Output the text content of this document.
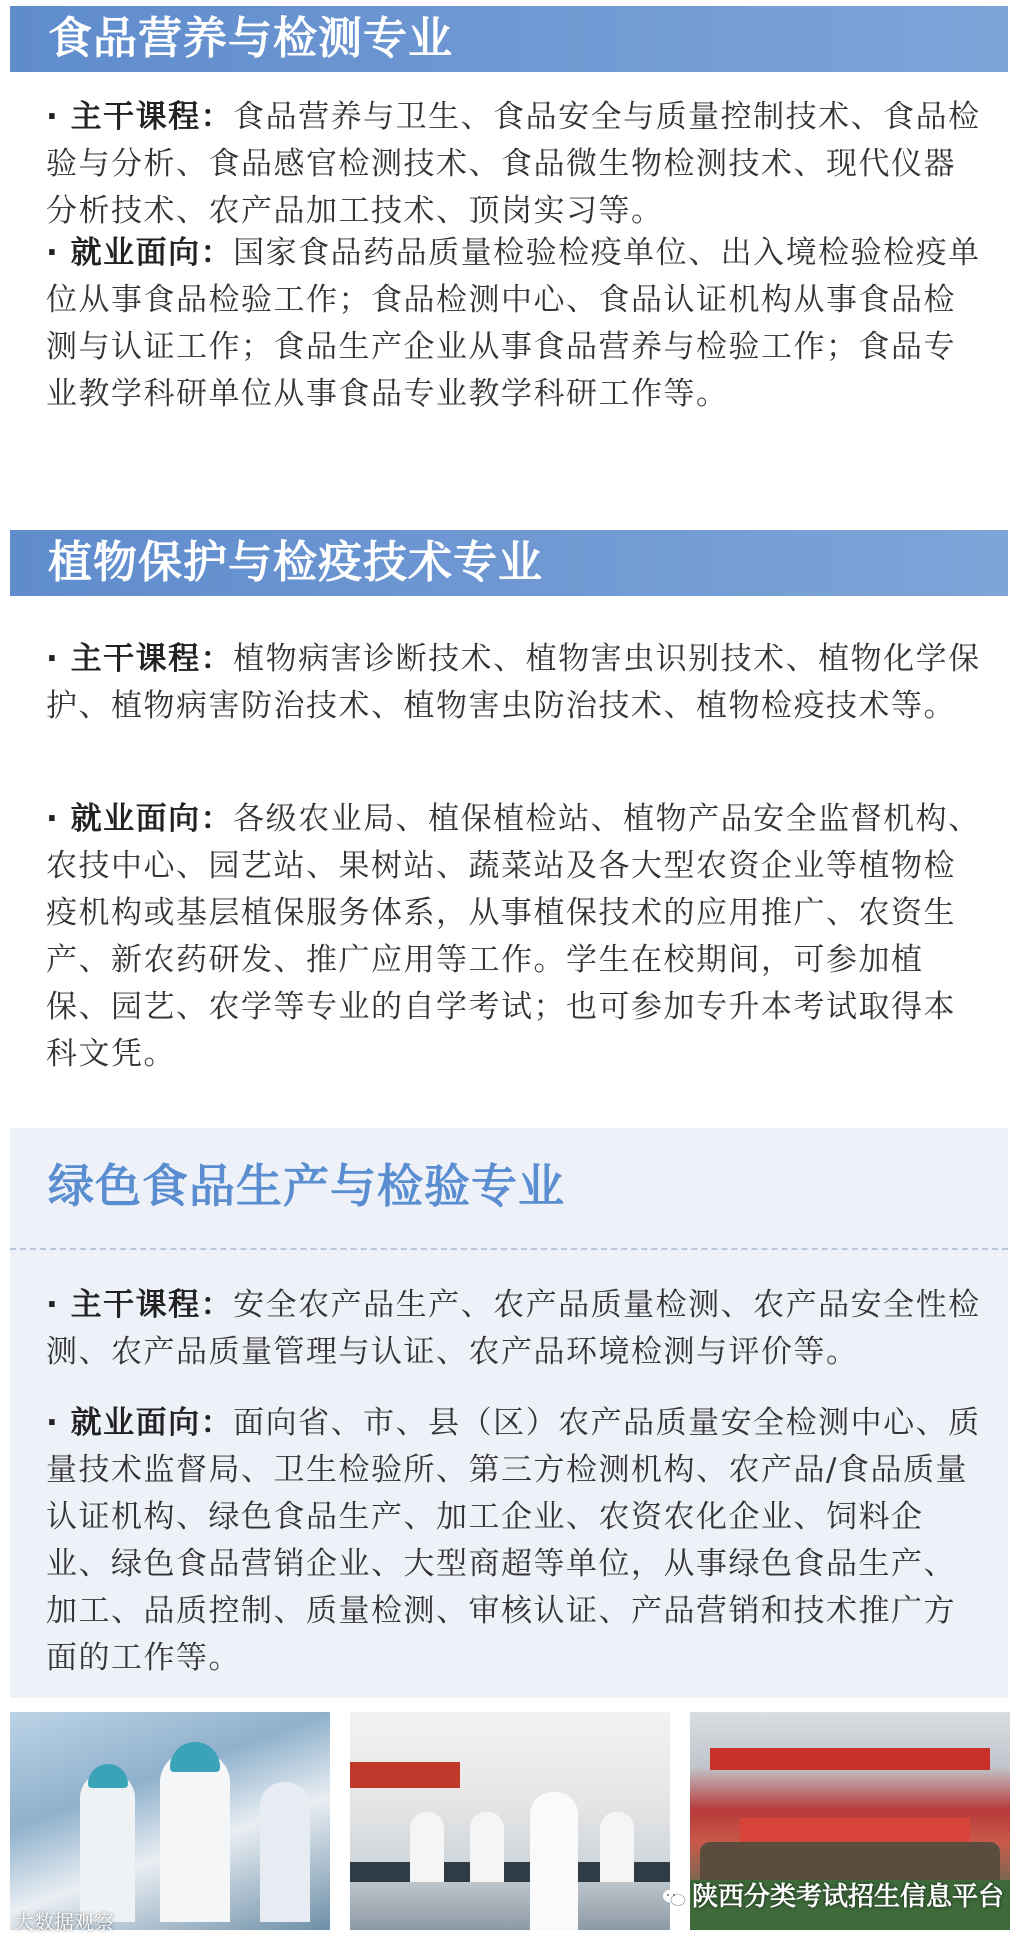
食品营养与检测专业
· 主干课程：食品营养与卫生、食品安全与质量控制技术、食品检验与分析、食品感官检测技术、食品微生物检测技术、现代仪器分析技术、农产品加工技术、顶岗实习等。
· 就业面向：国家食品药品质量检验检疫单位、出入境检验检疫单位从事食品检验工作；食品检测中心、食品认证机构从事食品检测与认证工作；食品生产企业从事食品营养与检验工作；食品专业教学科研单位从事食品专业教学科研工作等。
植物保护与检疫技术专业
· 主干课程：植物病害诊断技术、植物害虫识别技术、植物化学保护、植物病害防治技术、植物害虫防治技术、植物检疫技术等。
· 就业面向：各级农业局、植保植检站、植物产品安全监督机构、农技中心、园艺站、果树站、蔬菜站及各大型农资企业等植物检疫机构或基层植保服务体系，从事植保技术的应用推广、农资生产、新农药研发、推广应用等工作。学生在校期间，可参加植保、园艺、农学等专业的自学考试；也可参加专升本考试取得本科文凭。
绿色食品生产与检验专业
· 主干课程：安全农产品生产、农产品质量检测、农产品安全性检测、农产品质量管理与认证、农产品环境检测与评价等。
· 就业面向：面向省、市、县（区）农产品质量安全检测中心、质量技术监督局、卫生检验所、第三方检测机构、农产品/食品质量认证机构、绿色食品生产、加工企业、农资农化企业、饲料企业、绿色食品营销企业、大型商超等单位，从事绿色食品生产、加工、品质控制、质量检测、审核认证、产品营销和技术推广方面的工作等。
大数据观察
陕西分类考试招生信息平台
